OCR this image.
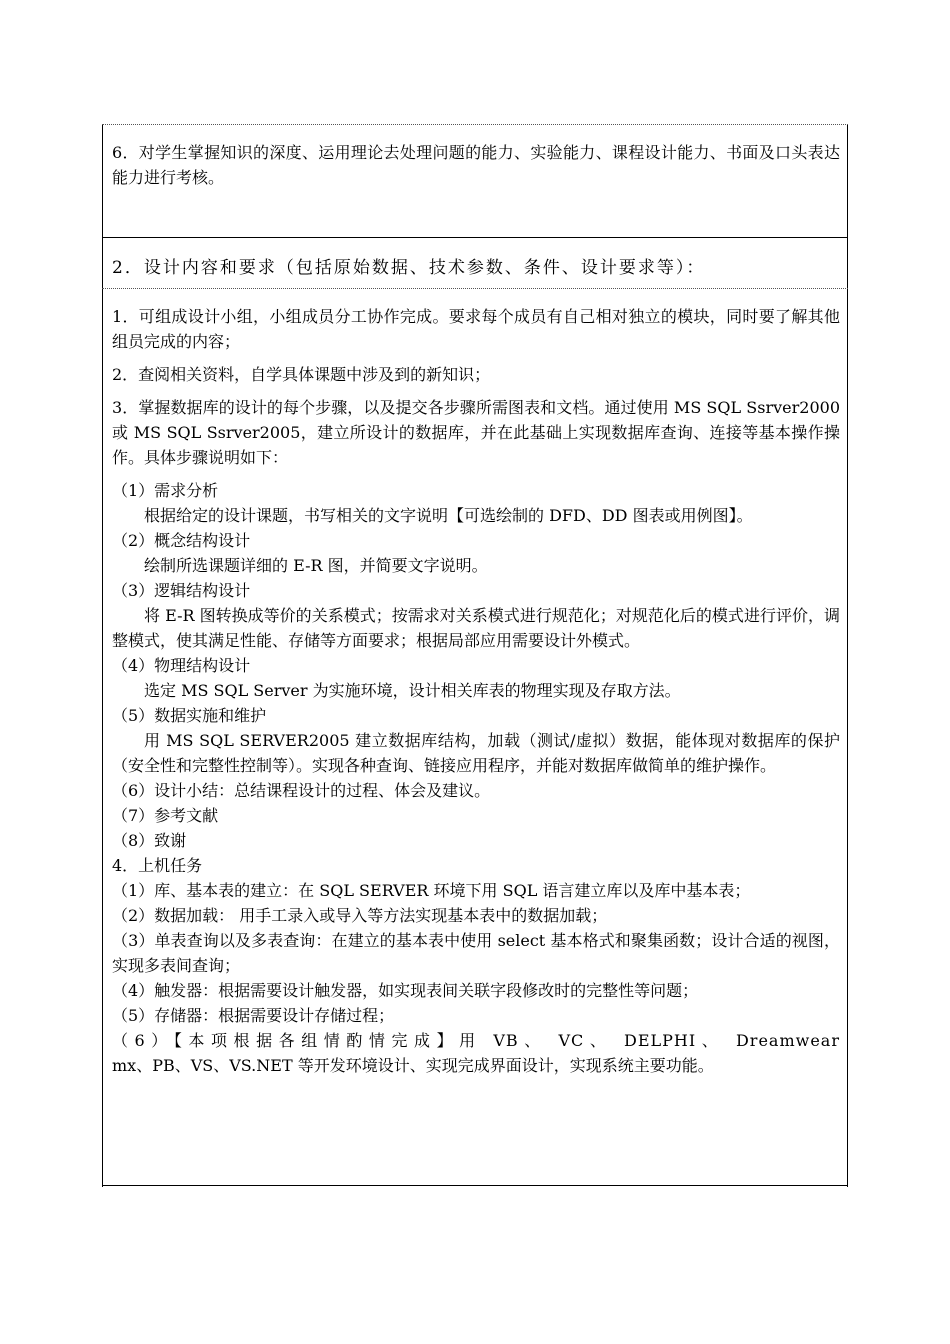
6．对学生掌握知识的深度、运用理论去处理问题的能力、实验能力、课程设计能力、书面及口头表达能力进行考核。

2．设计内容和要求（包括原始数据、技术参数、条件、设计要求等）：

1．可组成设计小组，小组成员分工协作完成。要求每个成员有自己相对独立的模块，同时要了解其他组员完成的内容；

2．查阅相关资料，自学具体课题中涉及到的新知识；

3．掌握数据库的设计的每个步骤，以及提交各步骤所需图表和文档。通过使用 MS SQL Ssrver2000 或 MS SQL Ssrver2005，建立所设计的数据库，并在此基础上实现数据库查询、连接等基本操作操作。具体步骤说明如下：

（1）需求分析

根据给定的设计课题，书写相关的文字说明【可选绘制的 DFD、DD 图表或用例图】。

（2）概念结构设计

绘制所选课题详细的 E-R 图，并简要文字说明。

（3）逻辑结构设计

将 E-R 图转换成等价的关系模式；按需求对关系模式进行规范化；对规范化后的模式进行评价，调整模式，使其满足性能、存储等方面要求；根据局部应用需要设计外模式。

（4）物理结构设计

选定 MS SQL Server 为实施环境，设计相关库表的物理实现及存取方法。

（5）数据实施和维护

用 MS SQL SERVER2005 建立数据库结构，加载（测试/虚拟）数据，能体现对数据库的保护（安全性和完整性控制等）。实现各种查询、链接应用程序，并能对数据库做简单的维护操作。

（6）设计小结：总结课程设计的过程、体会及建议。

（7）参考文献

（8）致谢

4．上机任务

（1）库、基本表的建立：在 SQL SERVER 环境下用 SQL 语言建立库以及库中基本表；

（2）数据加载： 用手工录入或导入等方法实现基本表中的数据加载；

（3）单表查询以及多表查询：在建立的基本表中使用 select 基本格式和聚集函数；设计合适的视图，实现多表间查询；

（4）触发器：根据需要设计触发器，如实现表间关联字段修改时的完整性等问题；

（5）存储器：根据需要设计存储过程；

（6）【本项根据各组情酌情完成】用 VB、 VC、 DELPHI、 Dreamwear

mx、PB、VS、VS.NET 等开发环境设计、实现完成界面设计，实现系统主要功能。
